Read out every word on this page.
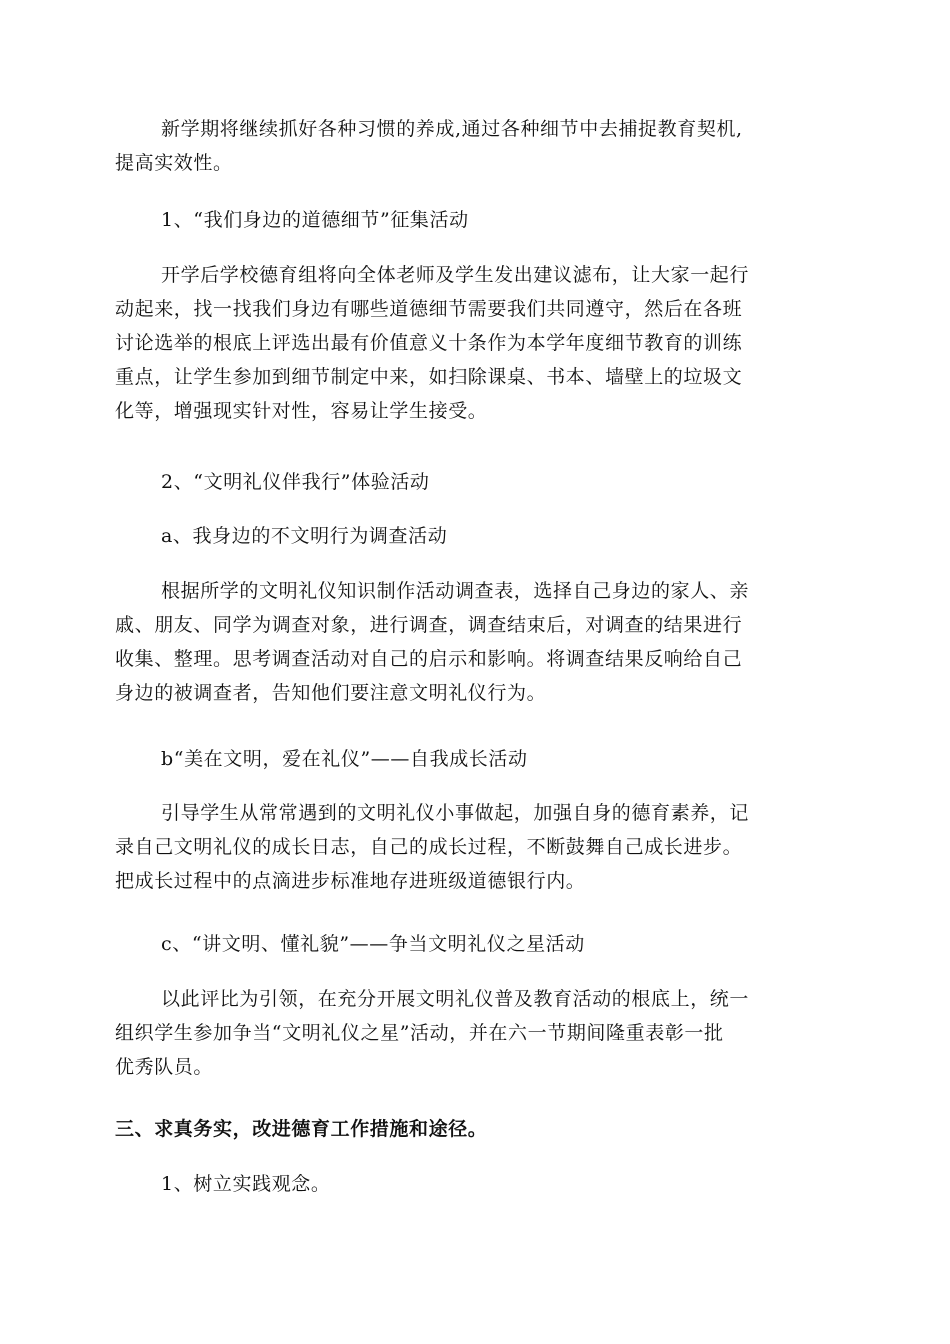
新学期将继续抓好各种习惯的养成,通过各种细节中去捕捉教育契机,
提高实效性。
1、“我们身边的道德细节”征集活动
开学后学校德育组将向全体老师及学生发出建议滤布，让大家一起行
动起来，找一找我们身边有哪些道德细节需要我们共同遵守，然后在各班
讨论选举的根底上评选出最有价值意义十条作为本学年度细节教育的训练
重点，让学生参加到细节制定中来，如扫除课桌、书本、墙壁上的垃圾文
化等，增强现实针对性，容易让学生接受。
2、“文明礼仪伴我行”体验活动
a、我身边的不文明行为调查活动
根据所学的文明礼仪知识制作活动调查表，选择自己身边的家人、亲
戚、朋友、同学为调查对象，进行调查，调查结束后，对调查的结果进行
收集、整理。思考调查活动对自己的启示和影响。将调查结果反响给自己
身边的被调查者，告知他们要注意文明礼仪行为。
b“美在文明，爱在礼仪”——自我成长活动
引导学生从常常遇到的文明礼仪小事做起，加强自身的德育素养，记
录自己文明礼仪的成长日志，自己的成长过程，不断鼓舞自己成长进步。
把成长过程中的点滴进步标准地存进班级道德银行内。
c、“讲文明、懂礼貌”——争当文明礼仪之星活动
以此评比为引领，在充分开展文明礼仪普及教育活动的根底上，统一
组织学生参加争当“文明礼仪之星”活动，并在六一节期间隆重表彰一批
优秀队员。
三、求真务实，改进德育工作措施和途径。
1、树立实践观念。
